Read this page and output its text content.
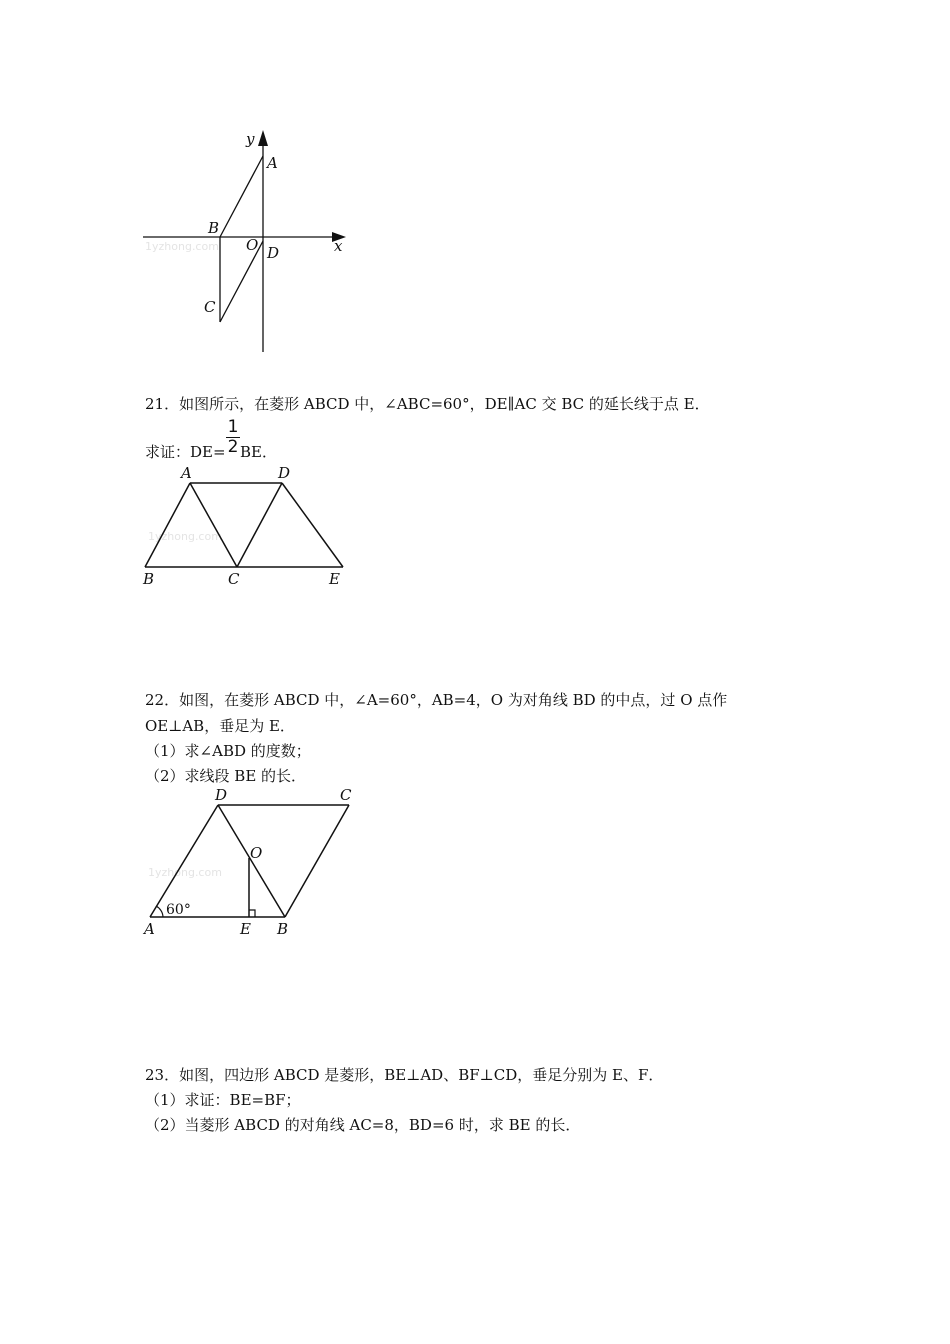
1yzhong.com
y
A
B
O D	x
C
21．如图所示，在菱形 ABCD 中，∠ABC=60°，DE∥AC 交 BC 的延长线于点 E．
求证：DE=
1
2 BE．
1yzhong.com
A	D
B	C	E
22．如图，在菱形 ABCD 中，∠A=60°，AB=4，O 为对角线 BD 的中点，过 O 点作
OE⊥AB，垂足为 E．
（1）求∠ABD 的度数；
（2）求线段 BE 的长．
1yzhong.com
D	C
O
60°
A	E B
23．如图，四边形 ABCD 是菱形，BE⊥AD、BF⊥CD，垂足分别为 E、F．
（1）求证：BE=BF；
（2）当菱形 ABCD 的对角线 AC=8，BD=6 时，求 BE 的长．
